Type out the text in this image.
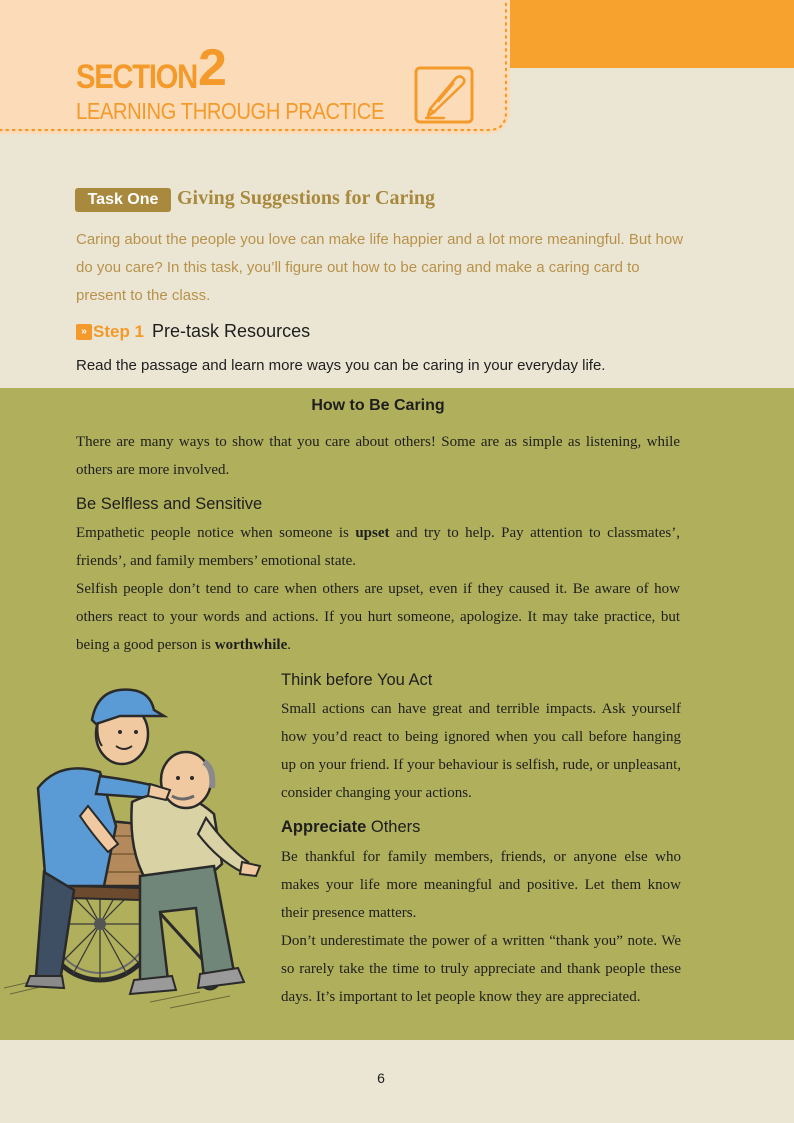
SECTION 2
LEARNING THROUGH PRACTICE
Task One Giving Suggestions for Caring

Caring about the people you love can make life happier and a lot more meaningful. But how do you care? In this task, you’ll figure out how to be caring and make a caring card to present to the class.

» Step 1 Pre-task Resources
Read the passage and learn more ways you can be caring in your everyday life.
How to Be Caring

There are many ways to show that you care about others! Some are as simple as listening, while others are more involved.

Be Selfless and Sensitive

Empathetic people notice when someone is upset and try to help. Pay attention to classmates’, friends’, and family members’ emotional state.

Selfish people don’t tend to care when others are upset, even if they caused it. Be aware of how others react to your words and actions. If you hurt someone, apologize. It may take practice, but being a good person is worthwhile.

Think before You Act

Small actions can have great and terrible impacts. Ask yourself how you’d react to being ignored when you call before hanging up on your friend. If your behaviour is selfish, rude, or unpleasant, consider changing your actions.

Appreciate Others

Be thankful for family members, friends, or anyone else who makes your life more meaningful and positive. Let them know their presence matters.

Don’t underestimate the power of a written “thank you” note. We so rarely take the time to truly appreciate and thank people these days. It’s important to let people know they are appreciated.

6
